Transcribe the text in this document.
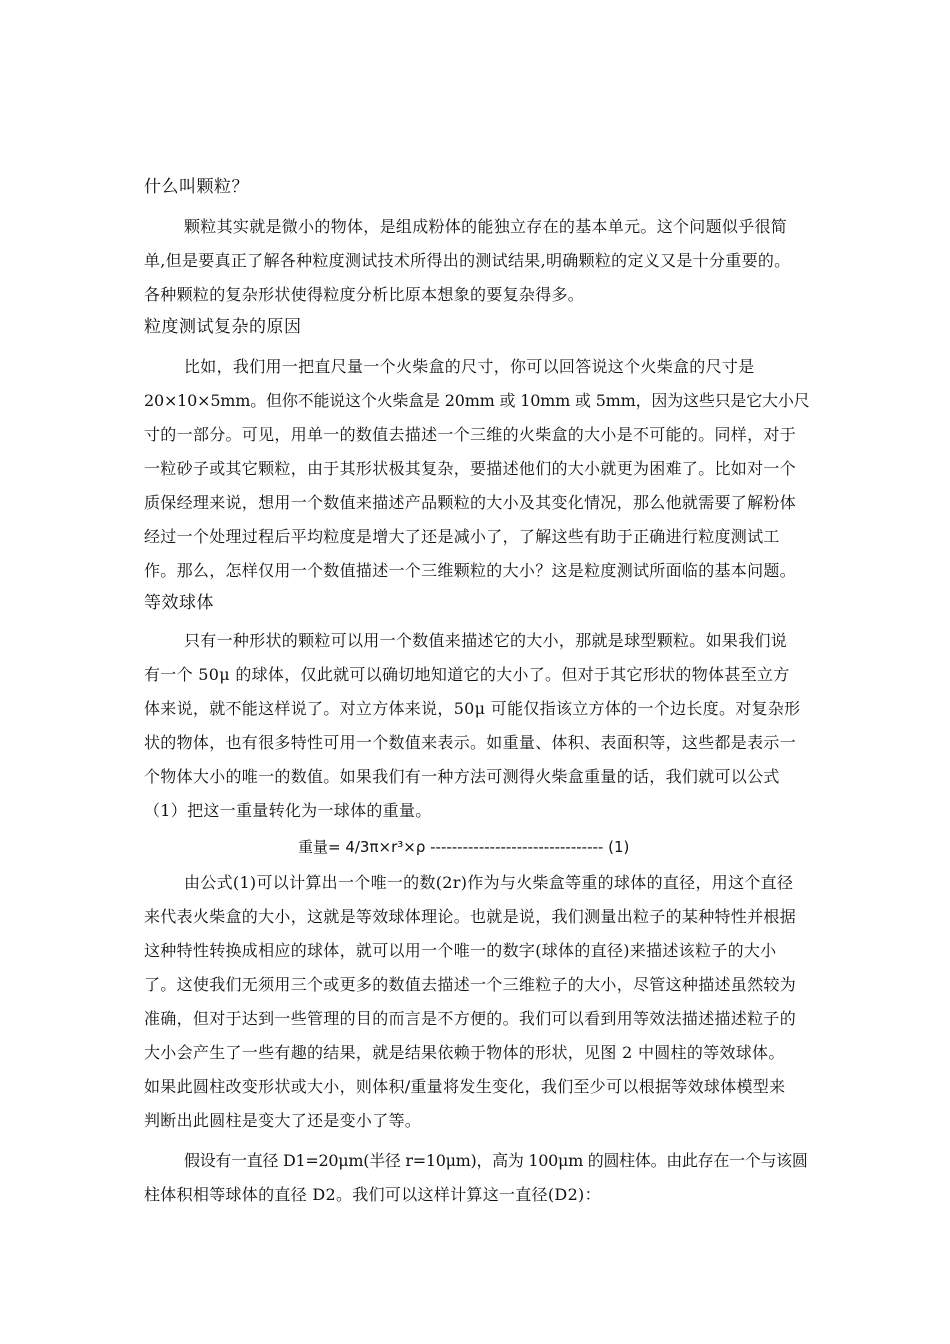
什么叫颗粒？
颗粒其实就是微小的物体，是组成粉体的能独立存在的基本单元。这个问题似乎很简
单,但是要真正了解各种粒度测试技术所得出的测试结果,明确颗粒的定义又是十分重要的。
各种颗粒的复杂形状使得粒度分析比原本想象的要复杂得多。
粒度测试复杂的原因
比如，我们用一把直尺量一个火柴盒的尺寸，你可以回答说这个火柴盒的尺寸是
20×10×5mm。但你不能说这个火柴盒是 20mm 或 10mm 或 5mm，因为这些只是它大小尺
寸的一部分。可见，用单一的数值去描述一个三维的火柴盒的大小是不可能的。同样，对于
一粒砂子或其它颗粒，由于其形状极其复杂，要描述他们的大小就更为困难了。比如对一个
质保经理来说，想用一个数值来描述产品颗粒的大小及其变化情况，那么他就需要了解粉体
经过一个处理过程后平均粒度是增大了还是减小了，了解这些有助于正确进行粒度测试工
作。那么，怎样仅用一个数值描述一个三维颗粒的大小？这是粒度测试所面临的基本问题。
等效球体
只有一种形状的颗粒可以用一个数值来描述它的大小，那就是球型颗粒。如果我们说
有一个 50μ 的球体，仅此就可以确切地知道它的大小了。但对于其它形状的物体甚至立方
体来说，就不能这样说了。对立方体来说，50μ 可能仅指该立方体的一个边长度。对复杂形
状的物体，也有很多特性可用一个数值来表示。如重量、体积、表面积等，这些都是表示一
个物体大小的唯一的数值。如果我们有一种方法可测得火柴盒重量的话，我们就可以公式
（1）把这一重量转化为一球体的重量。
重量= 4/3π×r³×ρ -------------------------------- (1)
由公式(1)可以计算出一个唯一的数(2r)作为与火柴盒等重的球体的直径，用这个直径
来代表火柴盒的大小，这就是等效球体理论。也就是说，我们测量出粒子的某种特性并根据
这种特性转换成相应的球体，就可以用一个唯一的数字(球体的直径)来描述该粒子的大小
了。这使我们无须用三个或更多的数值去描述一个三维粒子的大小，尽管这种描述虽然较为
准确，但对于达到一些管理的目的而言是不方便的。我们可以看到用等效法描述描述粒子的
大小会产生了一些有趣的结果，就是结果依赖于物体的形状，见图 2 中圆柱的等效球体。
如果此圆柱改变形状或大小，则体积/重量将发生变化，我们至少可以根据等效球体模型来
判断出此圆柱是变大了还是变小了等。
假设有一直径 D1=20μm(半径 r=10μm)，高为 100μm 的圆柱体。由此存在一个与该圆
柱体积相等球体的直径 D2。我们可以这样计算这一直径(D2)：
